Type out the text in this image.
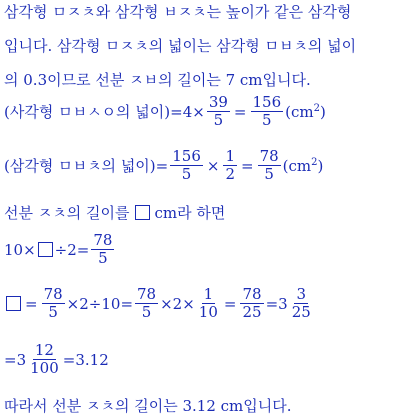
삼각형 ㅁㅈㅊ와 삼각형 ㅂㅈㅊ는 높이가 같은 삼각형
입니다. 삼각형 ㅁㅈㅊ의 넓이는 삼각형 ㅁㅂㅊ의 넓이
의 0.3이므로 선분 ㅈㅂ의 길이는 7 cm입니다.
(사각형 ㅁㅂㅅㅇ의 넓이)$=4\times \frac{39}{5} = \frac{156}{5} (cm^2)$
(삼각형 ㅁㅂㅊ의 넓이)= $\frac{156}{5} \times \frac{1}{2} = \frac{78}{5} (cm^2)$
선분 ㅈㅊ의 길이를 cm라 하면
$10\times \div 2= \frac{78}{5}$
= $\frac{78}{5} \times 2\div 10= \frac{78}{5} \times 2\times \frac{1}{10} = \frac{78}{25} =3 \frac{3}{25}$
$=3 \frac{12}{100} =3.12$
따라서 선분 ㅈㅊ의 길이는 3.12 cm입니다.
